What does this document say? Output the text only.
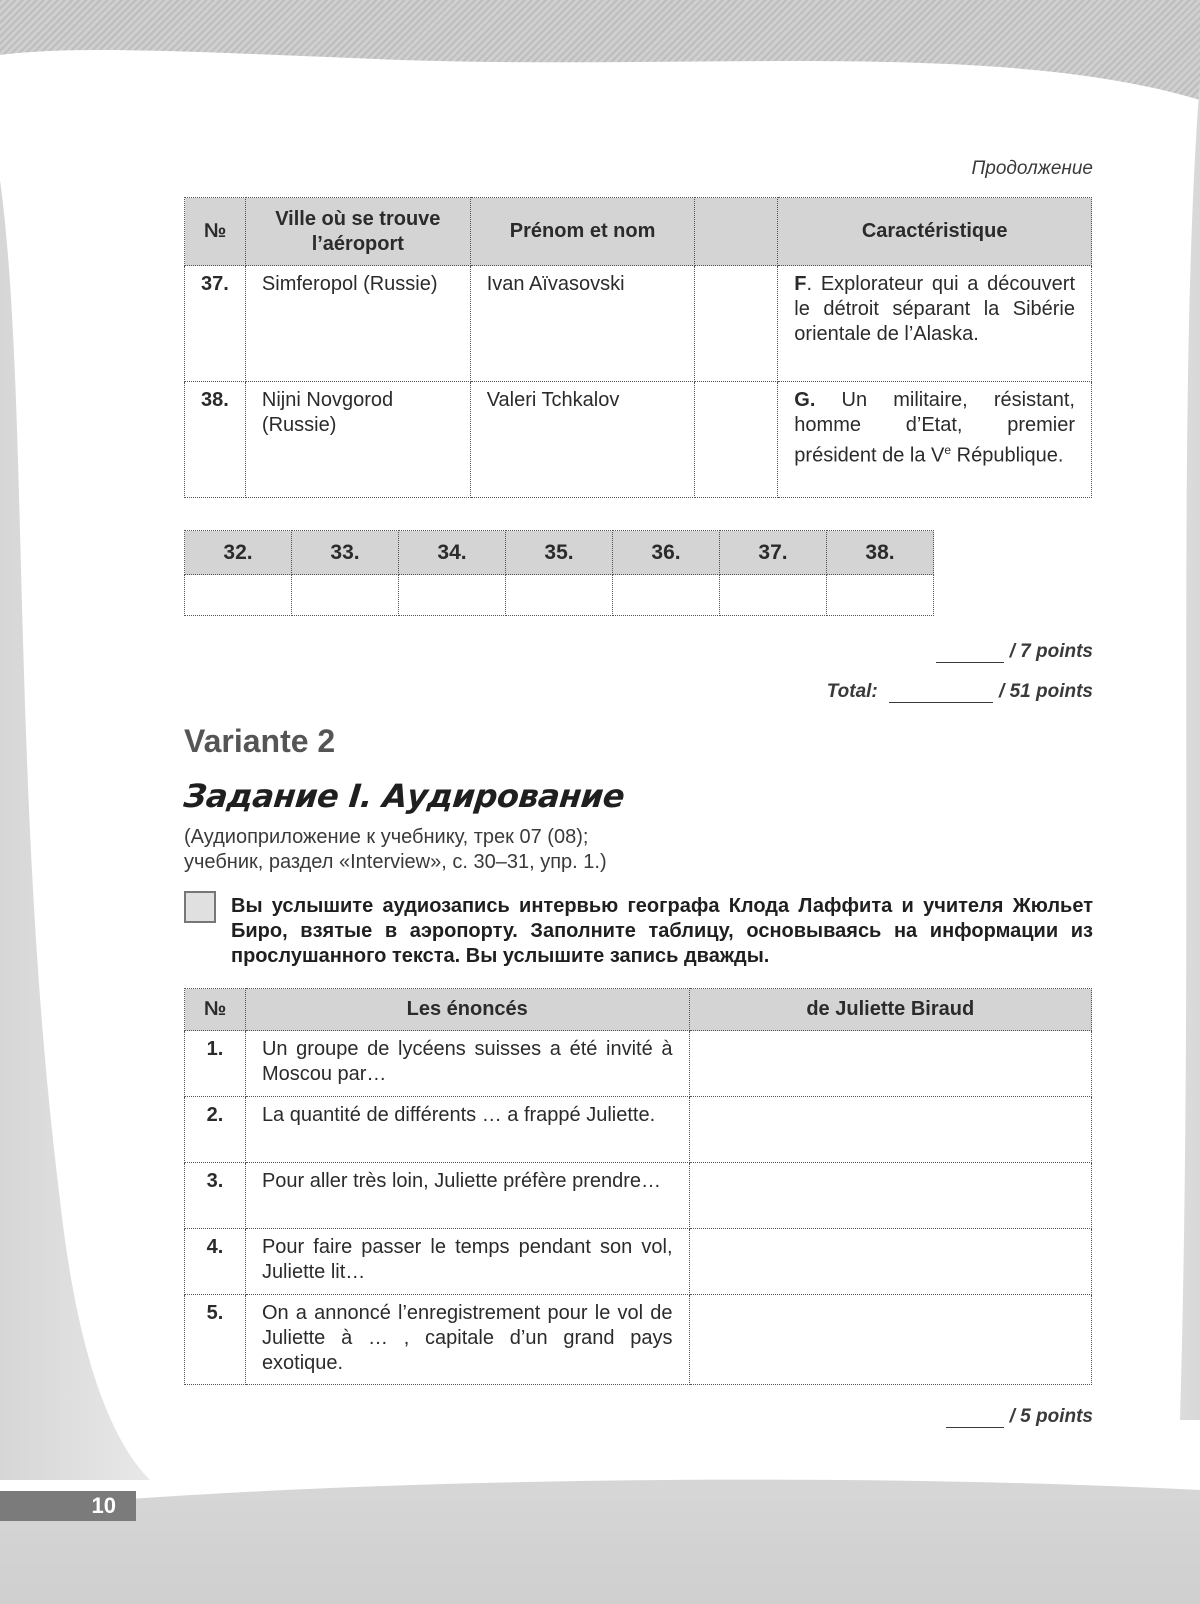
10
Продолжение
№	Ville où se trouve l’aéroport	Prénom et nom		Caractéristique
37.	Simferopol (Russie)	Ivan Aïvasovski		F. Explorateur qui a découvert le détroit séparant la Sibérie orientale de l’Alaska.
38.	Nijni Novgorod (Russie)	Valeri Tchkalov		G. Un militaire, résistant, homme d’Etat, premier président de la Ve République.
32.	33.	34.	35.	36.	37.	38.

/ 7 points
Total:	/ 51 points
Variante 2
Задание I. Аудирование
(Аудиоприложение к учебнику, трек 07 (08);
учебник, раздел «Interview», с. 30–31, упр. 1.)
Вы услышите аудиозапись интервью географа Клода Лаффита и учителя Жюльет Биро, взятые в аэропорту. Заполните таблицу, основываясь на информации из прослушанного текста. Вы услышите запись дважды.
№	Les énoncés	de Juliette Biraud
1.	Un groupe de lycéens suisses a été invité à Moscou par…	
2.	La quantité de différents … a frappé Juliette.	
3.	Pour aller très loin, Juliette préfère prendre…	
4.	Pour faire passer le temps pendant son vol, Juliette lit…	
5.	On a annoncé l’enregistrement pour le vol de Juliette à … , capitale d’un grand pays exotique.	
/ 5 points
